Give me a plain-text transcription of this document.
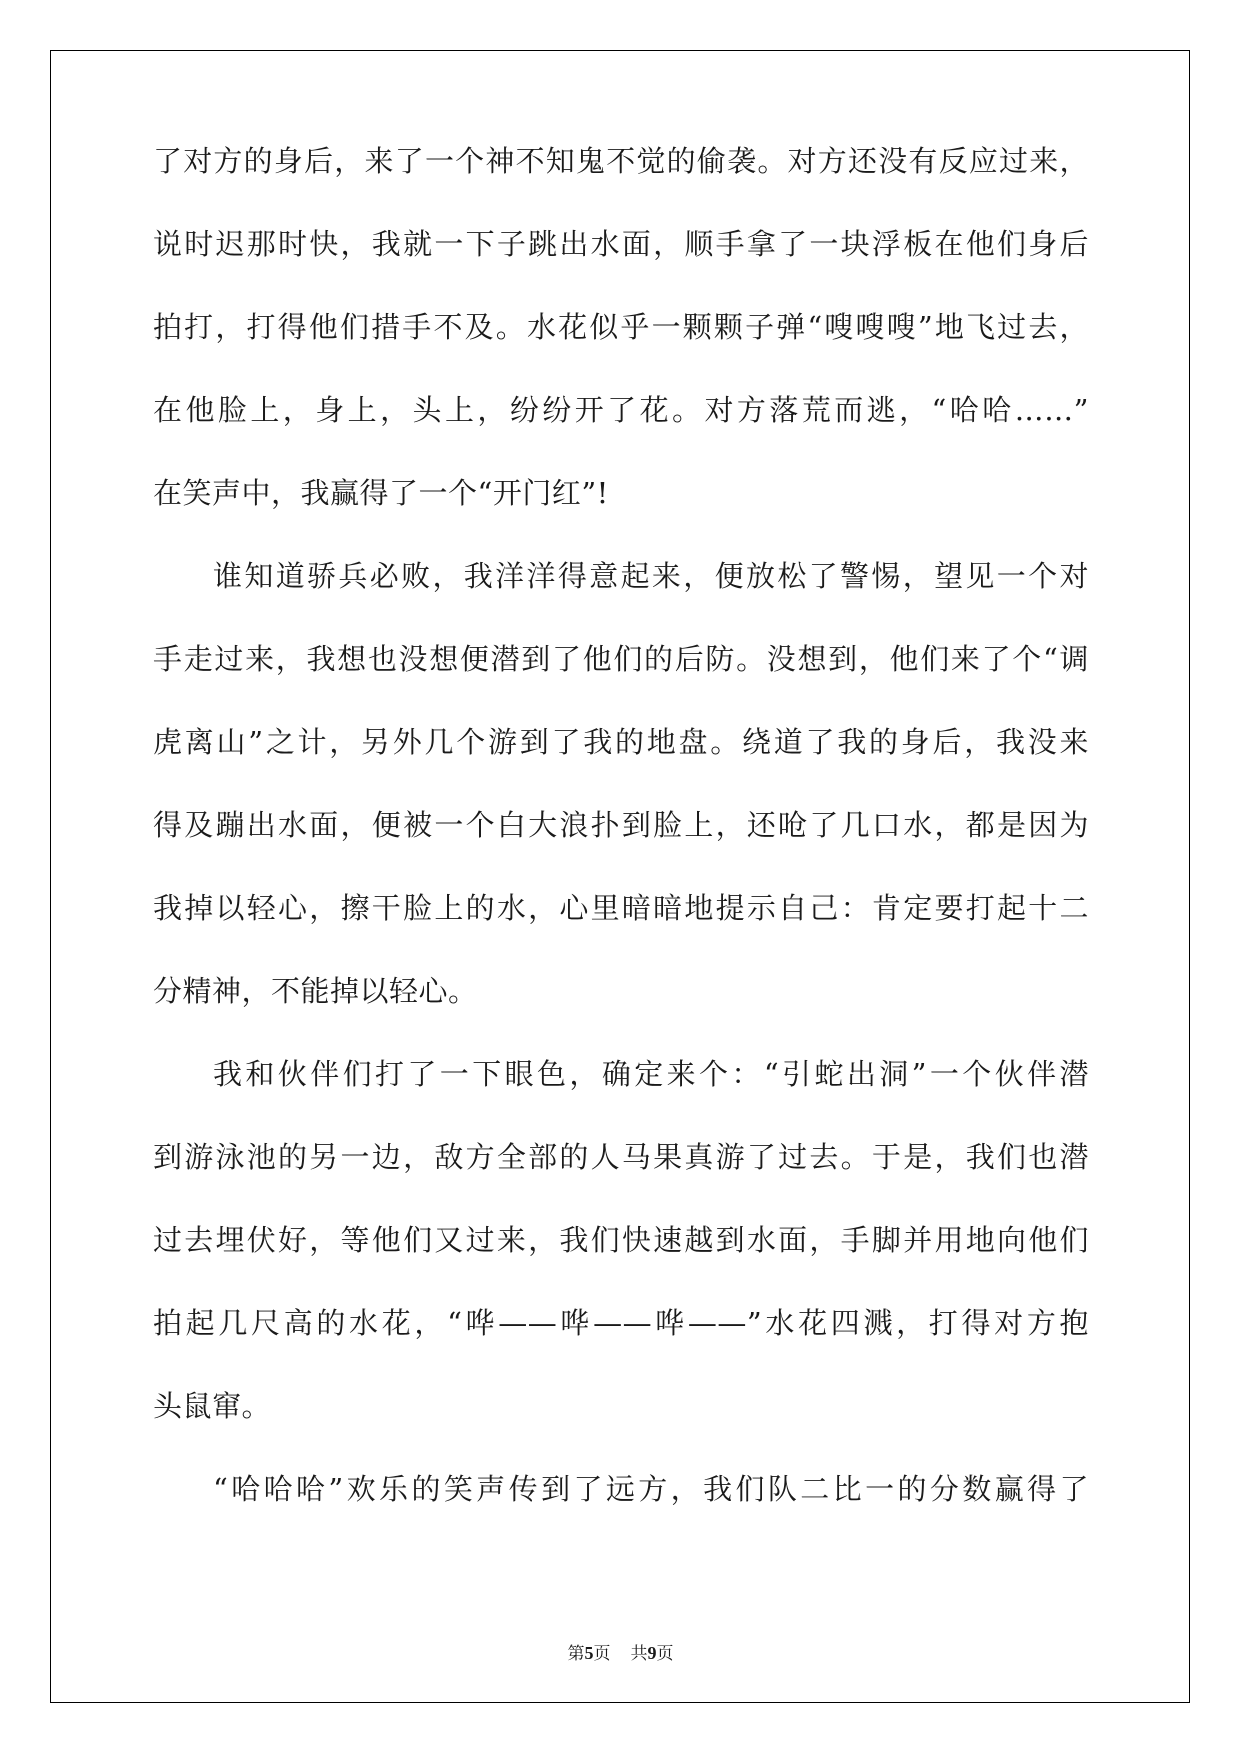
了对方的身后，来了一个神不知鬼不觉的偷袭。对方还没有反应过来，
说时迟那时快，我就一下子跳出水面，顺手拿了一块浮板在他们身后
拍打，打得他们措手不及。水花似乎一颗颗子弹“嗖嗖嗖”地飞过去，
在他脸上，身上，头上，纷纷开了花。对方落荒而逃，“哈哈……”
在笑声中，我赢得了一个“开门红”!
谁知道骄兵必败，我洋洋得意起来，便放松了警惕，望见一个对
手走过来，我想也没想便潜到了他们的后防。没想到，他们来了个“调
虎离山”之计，另外几个游到了我的地盘。绕道了我的身后，我没来
得及蹦出水面，便被一个白大浪扑到脸上，还呛了几口水，都是因为
我掉以轻心，擦干脸上的水，心里暗暗地提示自己：肯定要打起十二
分精神，不能掉以轻心。
我和伙伴们打了一下眼色，确定来个：“引蛇出洞”一个伙伴潜
到游泳池的另一边，敌方全部的人马果真游了过去。于是，我们也潜
过去埋伏好，等他们又过来，我们快速越到水面，手脚并用地向他们
拍起几尺高的水花，“哗——哗——哗——”水花四溅，打得对方抱
头鼠窜。
“哈哈哈”欢乐的笑声传到了远方，我们队二比一的分数赢得了
第5页 共9页
